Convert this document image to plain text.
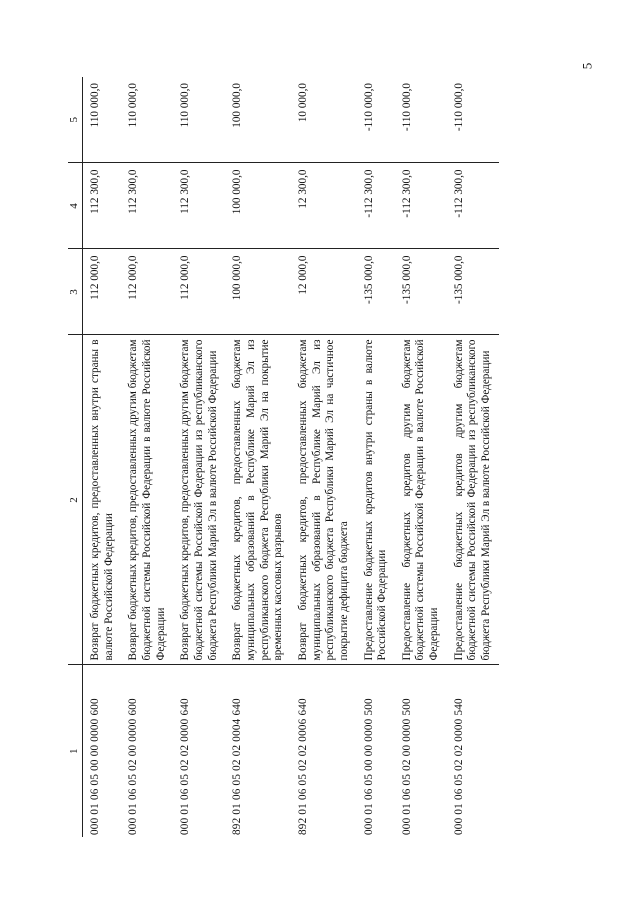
5
1	2	3	4	5
000 01 06 05 00 00 0000 600	Возврат бюджетных кредитов, предоставленных внутри страны в валюте Российской Федерации	112 000,0	112 300,0	110 000,0
000 01 06 05 02 00 0000 600	Возврат бюджетных кредитов, предоставленных другим бюджетам бюджетной системы Российской Федерации в валюте Российской Федерации	112 000,0	112 300,0	110 000,0
000 01 06 05 02 02 0000 640	Возврат бюджетных кредитов, предоставленных другим бюджетам бюджетной системы Российской Федерации из республиканского бюджета Республики Марий Эл в валюте Российской Федерации	112 000,0	112 300,0	110 000,0
892 01 06 05 02 02 0004 640	Возврат бюджетных кредитов, предоставленных бюджетам муниципальных образований в Республике Марий Эл из республиканского бюджета Республики Марий Эл на покрытие временных кассовых разрывов	100 000,0	100 000,0	100 000,0
892 01 06 05 02 02 0006 640	Возврат бюджетных кредитов, предоставленных бюджетам муниципальных образований в Республике Марий Эл из республиканского бюджета Республики Марий Эл на частичное покрытие дефицита бюджета	12 000,0	12 300,0	10 000,0
000 01 06 05 00 00 0000 500	Предоставление бюджетных кредитов внутри страны в валюте Российской Федерации	-135 000,0	-112 300,0	-110 000,0
000 01 06 05 02 00 0000 500	Предоставление бюджетных кредитов другим бюджетам бюджетной системы Российской Федерации в валюте Российской Федерации	-135 000,0	-112 300,0	-110 000,0
000 01 06 05 02 02 0000 540	Предоставление бюджетных кредитов другим бюджетам бюджетной системы Российской Федерации из республиканского бюджета Республики Марий Эл в валюте Российской Федерации	-135 000,0	-112 300,0	-110 000,0
